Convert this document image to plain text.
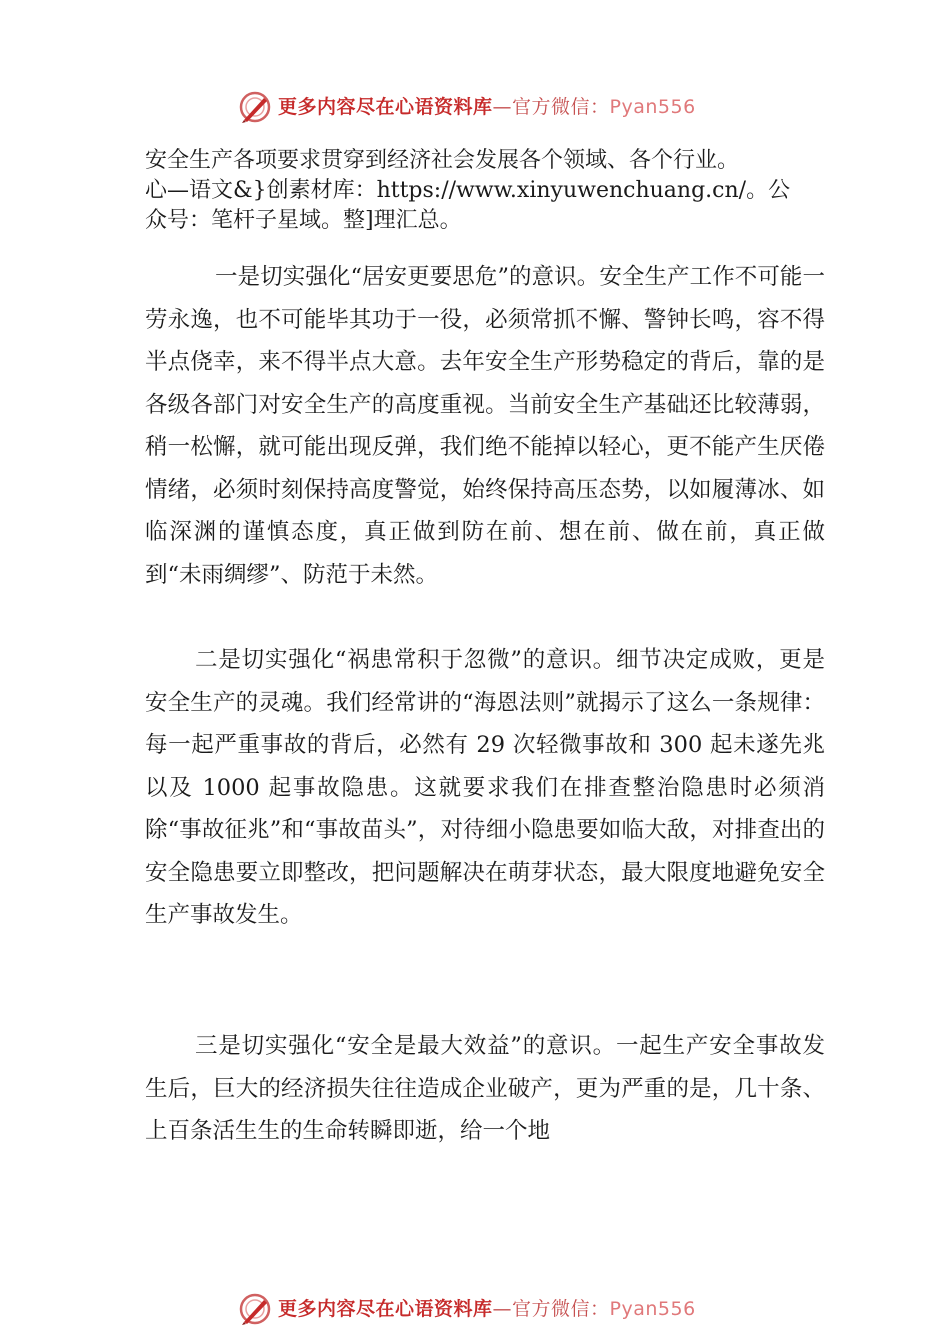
更多内容尽在心语资料库—官方微信：Pyan556
安全生产各项要求贯穿到经济社会发展各个领域、各个行业。
心—语文&}创素材库：https://www.xinyuwenchuang.cn/。公
众号：笔杆子星域。整]理汇总。
一是切实强化“居安更要思危”的意识。安全生产工作不可能一劳永逸，也不可能毕其功于一役，必须常抓不懈、警钟长鸣，容不得半点侥幸，来不得半点大意。去年安全生产形势稳定的背后，靠的是各级各部门对安全生产的高度重视。当前安全生产基础还比较薄弱，稍一松懈，就可能出现反弹，我们绝不能掉以轻心，更不能产生厌倦情绪，必须时刻保持高度警觉，始终保持高压态势，以如履薄冰、如临深渊的谨慎态度，真正做到防在前、想在前、做在前，真正做到“未雨绸缪”、防范于未然。
二是切实强化“祸患常积于忽微”的意识。细节决定成败，更是安全生产的灵魂。我们经常讲的“海恩法则”就揭示了这么一条规律：每一起严重事故的背后，必然有 29 次轻微事故和 300 起未遂先兆以及 1000 起事故隐患。这就要求我们在排查整治隐患时必须消除“事故征兆”和“事故苗头”，对待细小隐患要如临大敌，对排查出的安全隐患要立即整改，把问题解决在萌芽状态，最大限度地避免安全生产事故发生。
三是切实强化“安全是最大效益”的意识。一起生产安全事故发生后，巨大的经济损失往往造成企业破产，更为严重的是，几十条、上百条活生生的生命转瞬即逝，给一个地
更多内容尽在心语资料库—官方微信：Pyan556
